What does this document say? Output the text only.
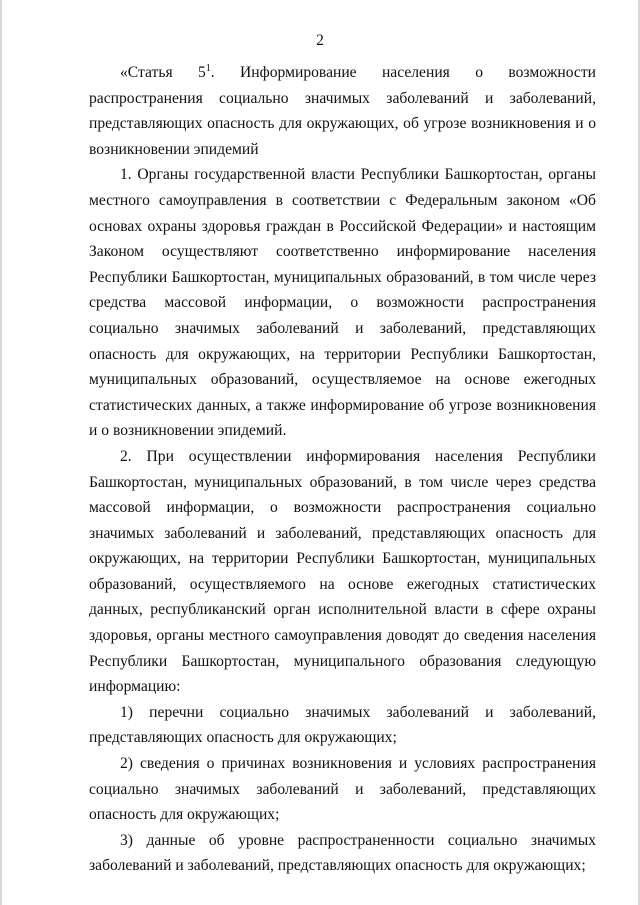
2

«Статья $5^1$. Информирование населения о возможности распространения социально значимых заболеваний и заболеваний, представляющих опасность для окружающих, об угрозе возникновения и о возникновении эпидемий

1. Органы государственной власти Республики Башкортостан, органы местного самоуправления в соответствии с Федеральным законом «Об основах охраны здоровья граждан в Российской Федерации» и настоящим Законом осуществляют соответственно информирование населения Республики Башкортостан, муниципальных образований, в том числе через средства массовой информации, о возможности распространения социально значимых заболеваний и заболеваний, представляющих опасность для окружающих, на территории Республики Башкортостан, муниципальных образований, осуществляемое на основе ежегодных статистических данных, а также информирование об угрозе возникновения и о возникновении эпидемий.

2. При осуществлении информирования населения Республики Башкортостан, муниципальных образований, в том числе через средства массовой информации, о возможности распространения социально значимых заболеваний и заболеваний, представляющих опасность для окружающих, на территории Республики Башкортостан, муниципальных образований, осуществляемого на основе ежегодных статистических данных, республиканский орган исполнительной власти в сфере охраны здоровья, органы местного самоуправления доводят до сведения населения Республики Башкортостан, муниципального образования следующую информацию:

1) перечни социально значимых заболеваний и заболеваний, представляющих опасность для окружающих;

2) сведения о причинах возникновения и условиях распространения социально значимых заболеваний и заболеваний, представляющих опасность для окружающих;

3) данные об уровне распространенности социально значимых заболеваний и заболеваний, представляющих опасность для окружающих;
